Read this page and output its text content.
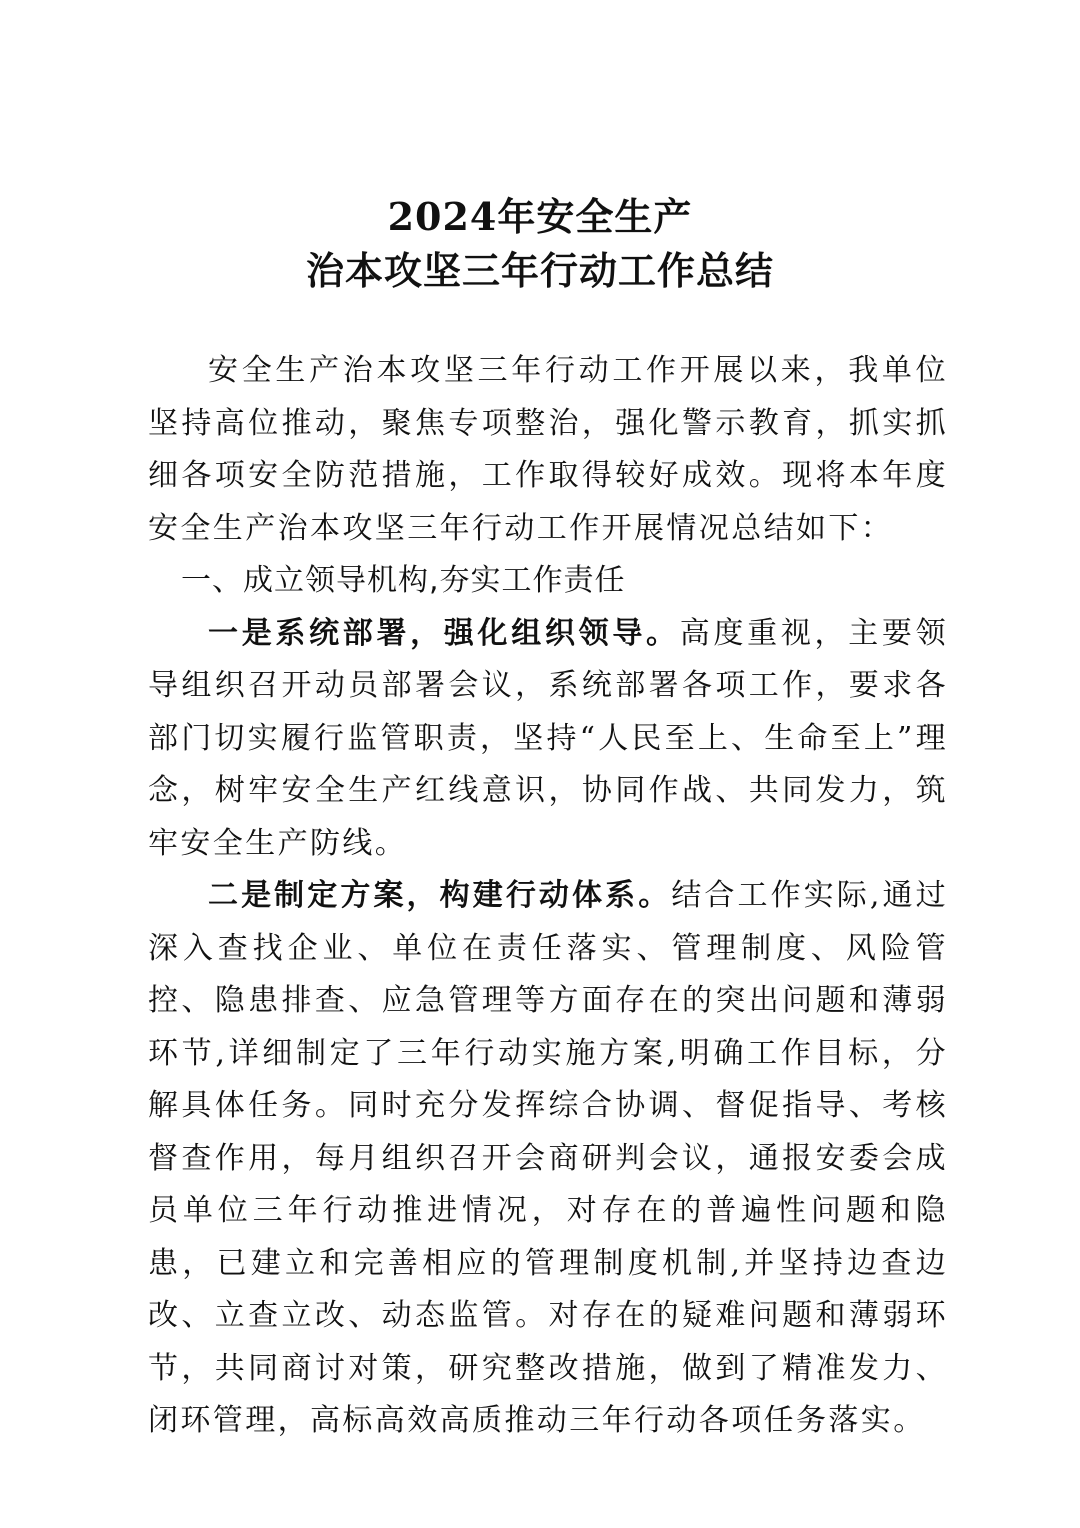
2024年安全生产
治本攻坚三年行动工作总结

安全生产治本攻坚三年行动工作开展以来，我单位坚持高位推动，聚焦专项整治，强化警示教育，抓实抓细各项安全防范措施，工作取得较好成效。现将本年度安全生产治本攻坚三年行动工作开展情况总结如下：

一、成立领导机构,夯实工作责任

一是系统部署，强化组织领导。高度重视，主要领导组织召开动员部署会议，系统部署各项工作，要求各部门切实履行监管职责，坚持“人民至上、生命至上”理念，树牢安全生产红线意识，协同作战、共同发力，筑牢安全生产防线。

二是制定方案，构建行动体系。结合工作实际,通过深入查找企业、单位在责任落实、管理制度、风险管控、隐患排查、应急管理等方面存在的突出问题和薄弱环节,详细制定了三年行动实施方案,明确工作目标，分解具体任务。同时充分发挥综合协调、督促指导、考核督查作用，每月组织召开会商研判会议，通报安委会成员单位三年行动推进情况，对存在的普遍性问题和隐患，已建立和完善相应的管理制度机制,并坚持边查边改、立查立改、动态监管。对存在的疑难问题和薄弱环节，共同商讨对策，研究整改措施，做到了精准发力、闭环管理，高标高效高质推动三年行动各项任务落实。
